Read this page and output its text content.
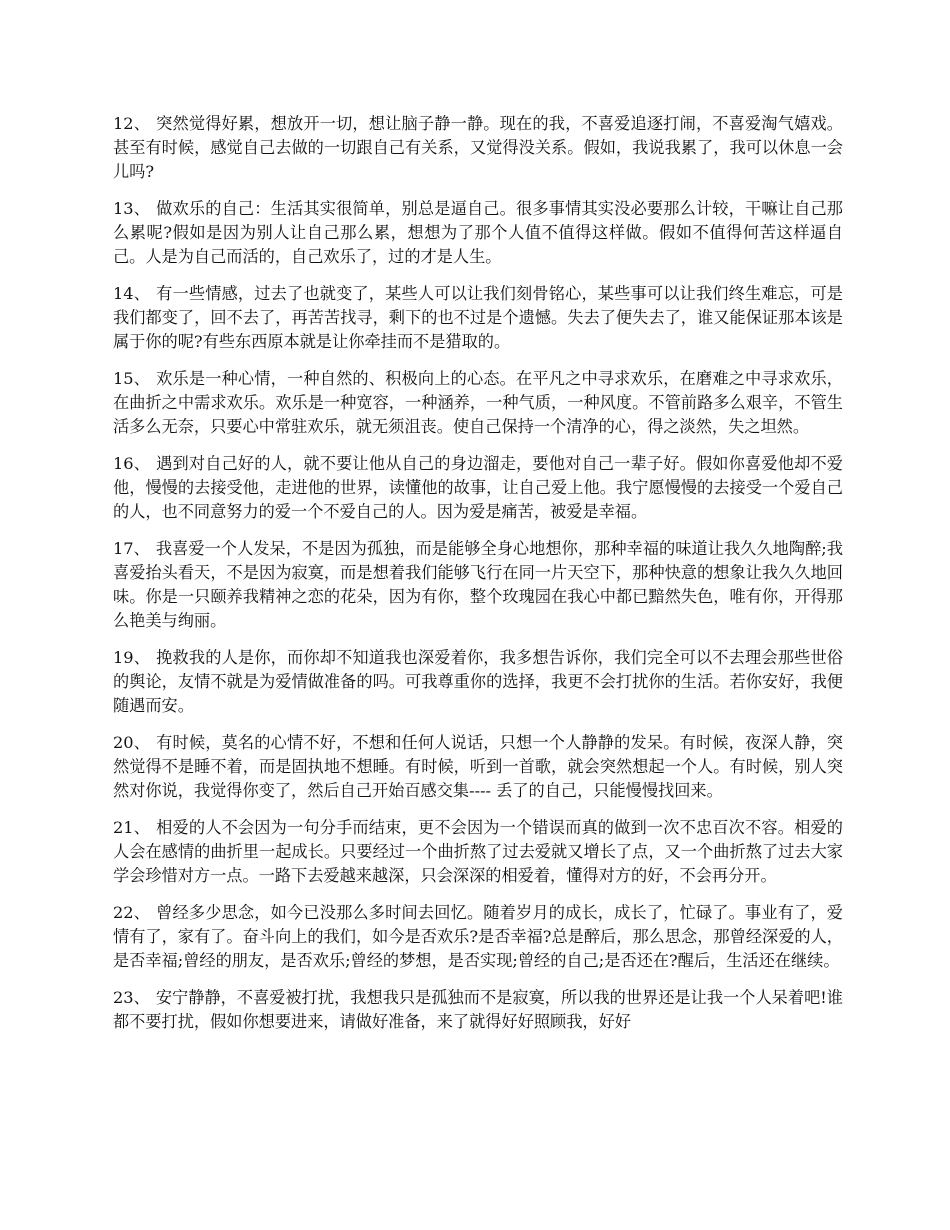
12、 突然觉得好累，想放开一切，想让脑子静一静。现在的我，不喜爱追逐打闹，不喜爱淘气嬉戏。甚至有时候，感觉自己去做的一切跟自己有关系，又觉得没关系。假如，我说我累了，我可以休息一会儿吗?

13、 做欢乐的自己：生活其实很简单，别总是逼自己。很多事情其实没必要那么计较，干嘛让自己那么累呢?假如是因为别人让自己那么累，想想为了那个人值不值得这样做。假如不值得何苦这样逼自己。人是为自己而活的，自己欢乐了，过的才是人生。

14、 有一些情感，过去了也就变了，某些人可以让我们刻骨铭心，某些事可以让我们终生难忘，可是我们都变了，回不去了，再苦苦找寻，剩下的也不过是个遗憾。失去了便失去了，谁又能保证那本该是属于你的呢?有些东西原本就是让你牵挂而不是猎取的。

15、 欢乐是一种心情，一种自然的、积极向上的心态。在平凡之中寻求欢乐，在磨难之中寻求欢乐，在曲折之中需求欢乐。欢乐是一种宽容，一种涵养，一种气质，一种风度。不管前路多么艰辛，不管生活多么无奈，只要心中常驻欢乐，就无须沮丧。使自己保持一个清净的心，得之淡然，失之坦然。

16、 遇到对自己好的人，就不要让他从自己的身边溜走，要他对自己一辈子好。假如你喜爱他却不爱他，慢慢的去接受他，走进他的世界，读懂他的故事，让自己爱上他。我宁愿慢慢的去接受一个爱自己的人，也不同意努力的爱一个不爱自己的人。因为爱是痛苦，被爱是幸福。

17、 我喜爱一个人发呆，不是因为孤独，而是能够全身心地想你，那种幸福的味道让我久久地陶醉;我喜爱抬头看天，不是因为寂寞，而是想着我们能够飞行在同一片天空下，那种快意的想象让我久久地回味。你是一只颐养我精神之恋的花朵，因为有你，整个玫瑰园在我心中都已黯然失色，唯有你，开得那么艳美与绚丽。

19、 挽救我的人是你，而你却不知道我也深爱着你，我多想告诉你，我们完全可以不去理会那些世俗的舆论，友情不就是为爱情做准备的吗。可我尊重你的选择，我更不会打扰你的生活。若你安好，我便随遇而安。

20、 有时候，莫名的心情不好，不想和任何人说话，只想一个人静静的发呆。有时候，夜深人静，突然觉得不是睡不着，而是固执地不想睡。有时候，听到一首歌，就会突然想起一个人。有时候，别人突然对你说，我觉得你变了，然后自己开始百感交集---- 丢了的自己，只能慢慢找回来。

21、 相爱的人不会因为一句分手而结束，更不会因为一个错误而真的做到一次不忠百次不容。相爱的人会在感情的曲折里一起成长。只要经过一个曲折熬了过去爱就又增长了点，又一个曲折熬了过去大家学会珍惜对方一点。一路下去爱越来越深，只会深深的相爱着，懂得对方的好，不会再分开。

22、 曾经多少思念，如今已没那么多时间去回忆。随着岁月的成长，成长了，忙碌了。事业有了，爱情有了，家有了。奋斗向上的我们，如今是否欢乐?是否幸福?总是醉后，那么思念，那曾经深爱的人，是否幸福;曾经的朋友，是否欢乐;曾经的梦想，是否实现;曾经的自己;是否还在?醒后，生活还在继续。

23、 安宁静静，不喜爱被打扰，我想我只是孤独而不是寂寞，所以我的世界还是让我一个人呆着吧!谁都不要打扰，假如你想要进来，请做好准备，来了就得好好照顾我，好好
